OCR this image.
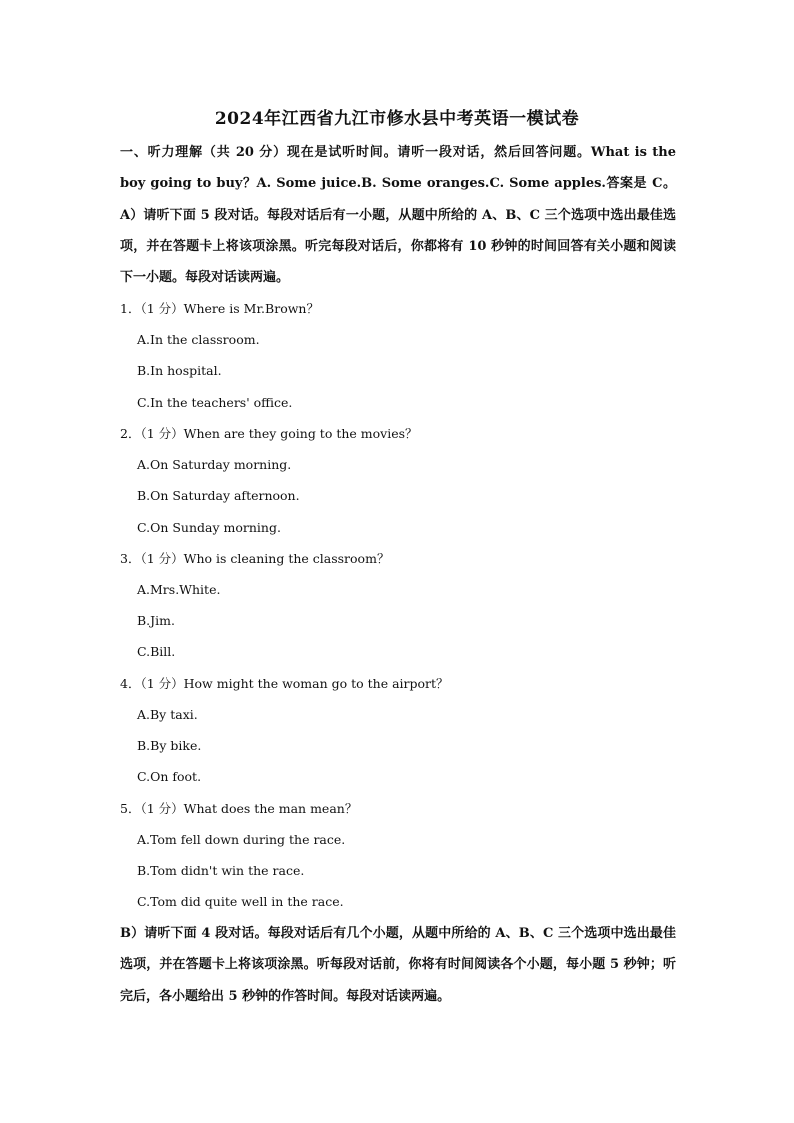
2024年江西省九江市修水县中考英语一模试卷

一、听力理解（共 20 分）现在是试听时间。请听一段对话，然后回答问题。What is the boy going to buy？A. Some juice.B. Some oranges.C. Some apples.答案是 C。A）请听下面 5 段对话。每段对话后有一小题，从题中所给的 A、B、C 三个选项中选出最佳选项，并在答题卡上将该项涂黑。听完每段对话后，你都将有 10 秒钟的时间回答有关小题和阅读下一小题。每段对话读两遍。

1．（1 分）Where is Mr.Brown？
A.In the classroom.
B.In hospital.
C.In the teachers' office.
2．（1 分）When are they going to the movies？
A.On Saturday morning.
B.On Saturday afternoon.
C.On Sunday morning.
3．（1 分）Who is cleaning the classroom？
A.Mrs.White.
B.Jim.
C.Bill.
4．（1 分）How might the woman go to the airport？
A.By taxi.
B.By bike.
C.On foot.
5．（1 分）What does the man mean？
A.Tom fell down during the race.
B.Tom didn't win the race.
C.Tom did quite well in the race.

B）请听下面 4 段对话。每段对话后有几个小题，从题中所给的 A、B、C 三个选项中选出最佳选项，并在答题卡上将该项涂黑。听每段对话前，你将有时间阅读各个小题，每小题 5 秒钟；听完后，各小题给出 5 秒钟的作答时间。每段对话读两遍。
